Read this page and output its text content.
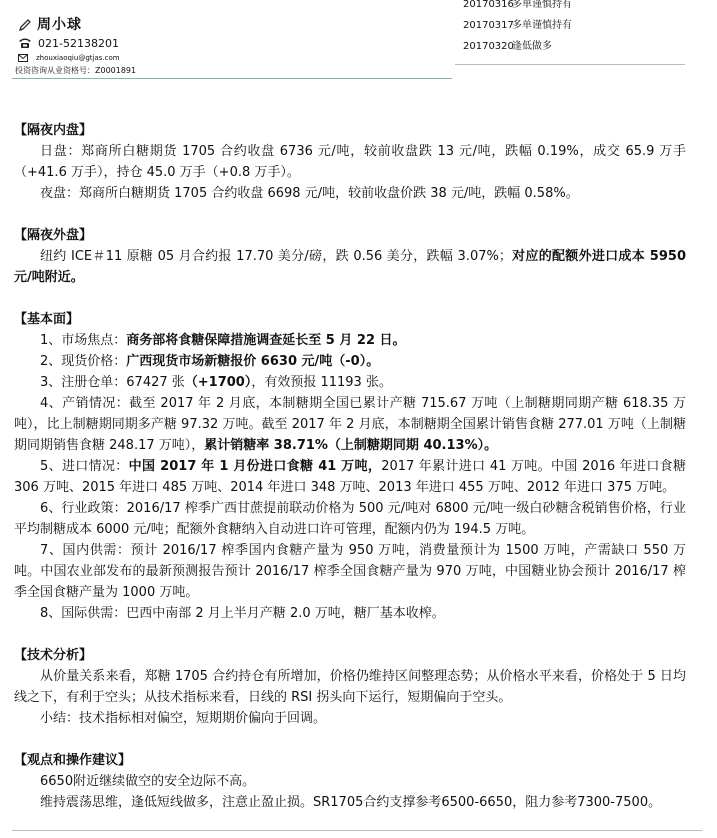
周小球
021-52138201
zhouxiaoqiu@gtjas.com
投资咨询从业资格号：Z0001891
20170316多单谨慎持有
20170317多单谨慎持有
20170320逢低做多
【隔夜内盘】

日盘：郑商所白糖期货 1705 合约收盘 6736 元/吨，较前收盘跌 13 元/吨，跌幅 0.19%，成交 65.9 万手（+41.6 万手），持仓 45.0 万手（+0.8 万手）。

夜盘：郑商所白糖期货 1705 合约收盘 6698 元/吨，较前收盘价跌 38 元/吨，跌幅 0.58%。

【隔夜外盘】

纽约 ICE＃11 原糖 05 月合约报 17.70 美分/磅，跌 0.56 美分，跌幅 3.07%；对应的配额外进口成本 5950 元/吨附近。

【基本面】

1、市场焦点：商务部将食糖保障措施调查延长至 5 月 22 日。

2、现货价格：广西现货市场新糖报价 6630 元/吨（-0）。

3、注册仓单：67427 张（+1700），有效预报 11193 张。

4、产销情况：截至 2017 年 2 月底，本制糖期全国已累计产糖 715.67 万吨（上制糖期同期产糖 618.35 万吨），比上制糖期同期多产糖 97.32 万吨。截至 2017 年 2 月底，本制糖期全国累计销售食糖 277.01 万吨（上制糖期同期销售食糖 248.17 万吨），累计销糖率 38.71%（上制糖期同期 40.13%）。

5、进口情况：中国 2017 年 1 月份进口食糖 41 万吨，2017 年累计进口 41 万吨。中国 2016 年进口食糖 306 万吨、2015 年进口 485 万吨、2014 年进口 348 万吨、2013 年进口 455 万吨、2012 年进口 375 万吨。

6、行业政策：2016/17 榨季广西甘蔗提前联动价格为 500 元/吨对 6800 元/吨一级白砂糖含税销售价格，行业平均制糖成本 6000 元/吨；配额外食糖纳入自动进口许可管理，配额内仍为 194.5 万吨。

7、国内供需：预计 2016/17 榨季国内食糖产量为 950 万吨，消费量预计为 1500 万吨，产需缺口 550 万吨。中国农业部发布的最新预测报告预计 2016/17 榨季全国食糖产量为 970 万吨，中国糖业协会预计 2016/17 榨季全国食糖产量为 1000 万吨。

8、国际供需：巴西中南部 2 月上半月产糖 2.0 万吨，糖厂基本收榨。

【技术分析】

从价量关系来看，郑糖 1705 合约持仓有所增加，价格仍维持区间整理态势；从价格水平来看，价格处于 5 日均线之下，有利于空头；从技术指标来看，日线的 RSI 拐头向下运行，短期偏向于空头。

小结：技术指标相对偏空，短期期价偏向于回调。

【观点和操作建议】

6650附近继续做空的安全边际不高。

维持震荡思维，逢低短线做多，注意止盈止损。SR1705合约支撑参考6500-6650，阻力参考7300-7500。
